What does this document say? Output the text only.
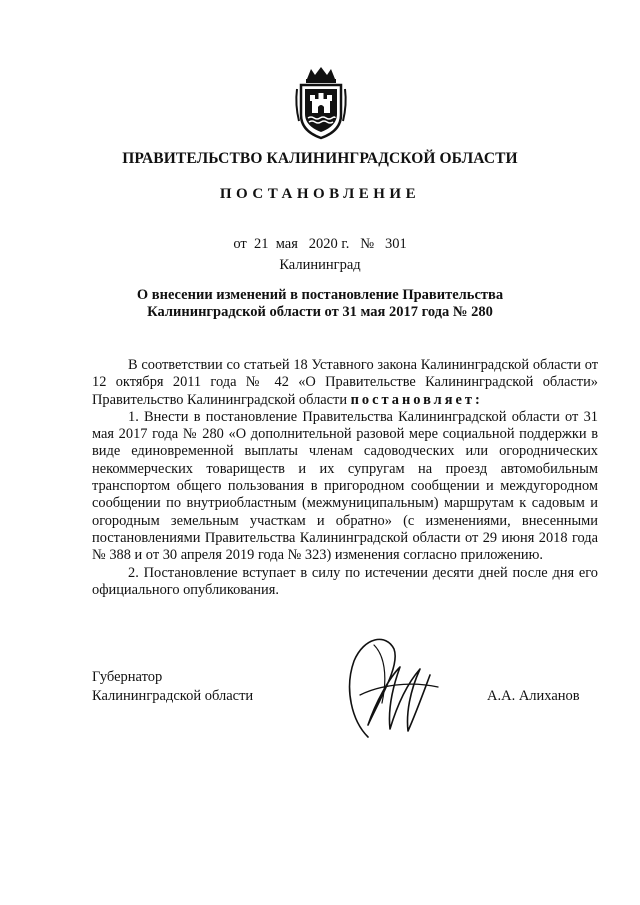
ПРАВИТЕЛЬСТВО КАЛИНИНГРАДСКОЙ ОБЛАСТИ
ПОСТАНОВЛЕНИЕ
от 21 мая 2020 г. № 301
Калининград
О внесении изменений в постановление Правительства
Калининградской области от 31 мая 2017 года № 280

В соответствии со статьей 18 Уставного закона Калининградской области от 12 октября 2011 года № 42 «О Правительстве Калининградской области» Правительство Калининградской области постановляет:

1. Внести в постановление Правительства Калининградской области от 31 мая 2017 года № 280 «О дополнительной разовой мере социальной поддержки в виде единовременной выплаты членам садоводческих или огороднических некоммерческих товариществ и их супругам на проезд автомобильным транспортом общего пользования в пригородном сообщении и междугородном сообщении по внутриобластным (межмуниципальным) маршрутам к садовым и огородным земельным участкам и обратно» (с изменениями, внесенными постановлениями Правительства Калининградской области от 29 июня 2018 года № 388 и от 30 апреля 2019 года № 323) изменения согласно приложению.

2. Постановление вступает в силу по истечении десяти дней после дня его официального опубликования.

Губернатор
Калининградской области	А.А. Алиханов
